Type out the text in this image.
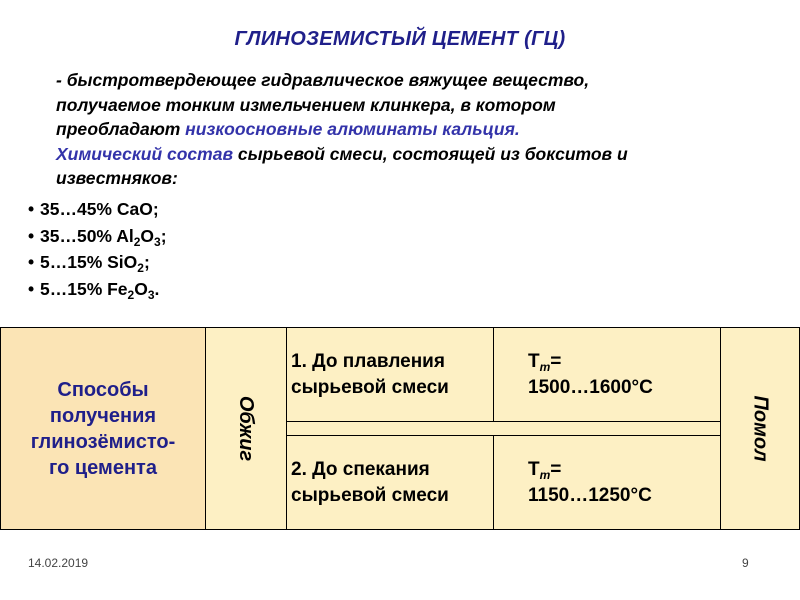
ГЛИНОЗЕМИСТЫЙ ЦЕМЕНТ (ГЦ)
- быстротвердеющее гидравлическое вяжущее вещество,
получаемое тонким измельчением клинкера, в котором
преобладают низкоосновные алюминаты кальция.
Химический состав сырьевой смеси, состоящей из бокситов и
известняков:
• 35…45% CaO;
• 35…50% $Al_2O_3$;
• 5…15% SiO$_2$;
• 5…15% $Fe_2O_3$.
Способы
получения
глинозёмисто-
го цемента
Обжиг
1. До плавления
сырьевой смеси
$T_m=$
1500…1600°C
2. До спекания
сырьевой смеси
$T_m=$
1150…1250°C
Помол
14.02.2019	9
